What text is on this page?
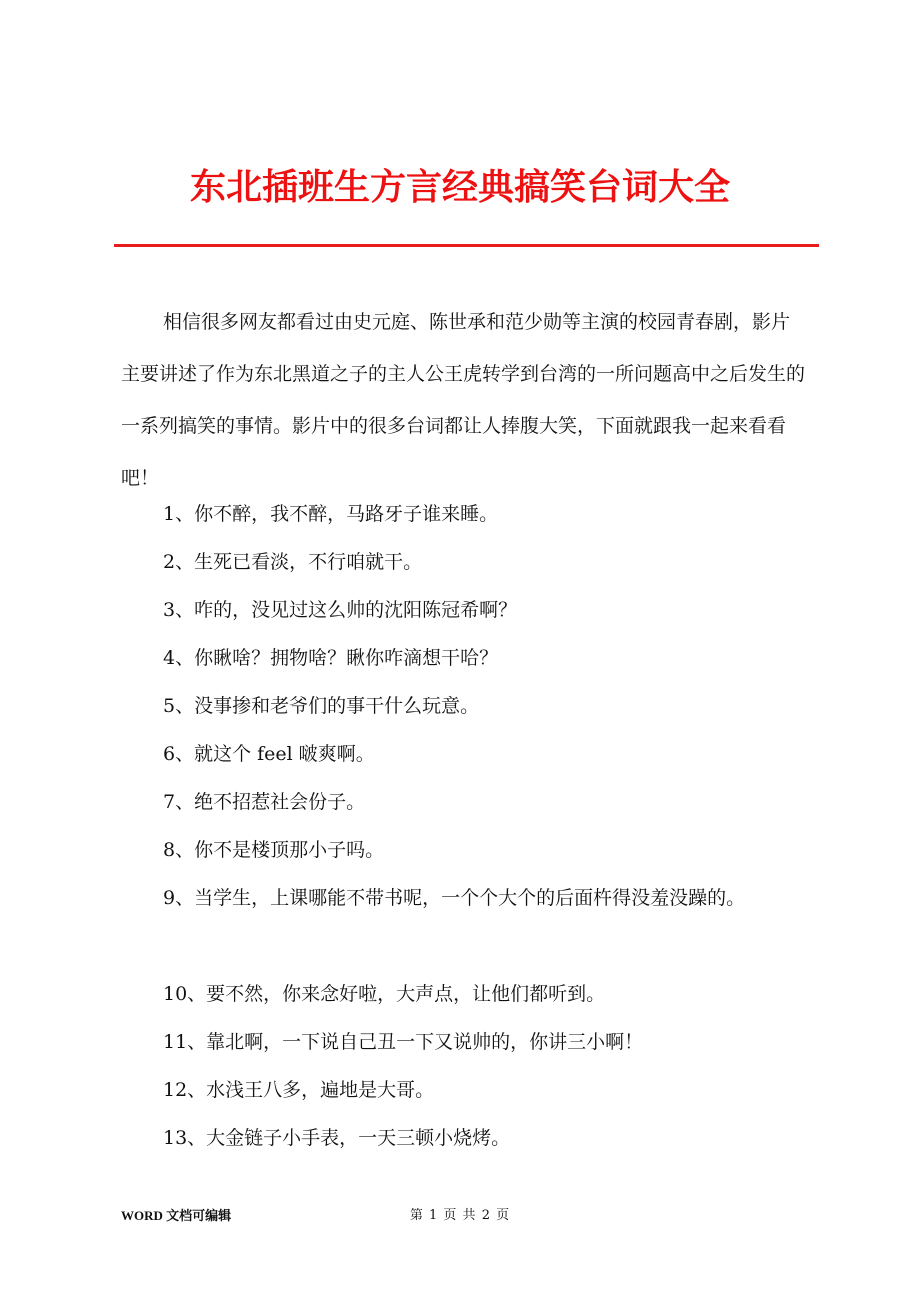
东北插班生方言经典搞笑台词大全

相信很多网友都看过由史元庭、陈世承和范少勋等主演的校园青春剧，影片主要讲述了作为东北黑道之子的主人公王虎转学到台湾的一所问题高中之后发生的一系列搞笑的事情。影片中的很多台词都让人捧腹大笑，下面就跟我一起来看看吧！

1、你不醉，我不醉，马路牙子谁来睡。
2、生死已看淡，不行咱就干。
3、咋的，没见过这么帅的沈阳陈冠希啊？
4、你瞅啥？拥物啥？瞅你咋滴想干哈？
5、没事掺和老爷们的事干什么玩意。
6、就这个 feel 啵爽啊。
7、绝不招惹社会份子。
8、你不是楼顶那小子吗。
9、当学生，上课哪能不带书呢，一个个大个的后面杵得没羞没躁的。
10、要不然，你来念好啦，大声点，让他们都听到。
11、靠北啊，一下说自己丑一下又说帅的，你讲三小啊！
12、水浅王八多，遍地是大哥。
13、大金链子小手表，一天三顿小烧烤。
第 1 页 共 2 页
WORD 文档可编辑
